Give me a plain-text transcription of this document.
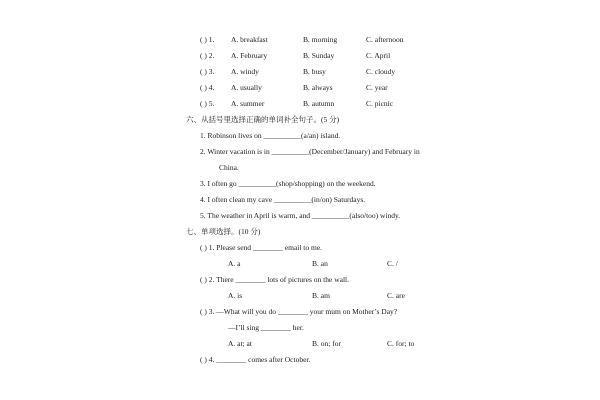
( ) 1. A. breakfast	B. morning	C. afternoon
( ) 2. A. February	B. Sunday	C. April
( ) 3. A. windy	B. busy	C. cloudy
( ) 4. A. usually	B. always	C. year
( ) 5. A. summer	B. autumn	C. picnic
六、从括号里选择正确的单词补全句子。(5 分)
1. Robinson lives on __________(a/an) island.
2. Winter vacation is in __________(December/January) and February in
China.
3. I often go __________(shop/shopping) on the weekend.
4. I often clean my cave __________(in/on) Saturdays.
5. The weather in April is warm, and __________(also/too) windy.
七、单项选择。(10 分)
( ) 1. Please send ________ email to me.
A. a	B. an	C. /
( ) 2. There ________ lots of pictures on the wall.
A. is	B. am	C. are
( ) 3. —What will you do ________ your mum on Mother’s Day?
—I’ll sing ________ her.
A. at; at	B. on; for	C. for; to
( ) 4. ________ comes after October.
